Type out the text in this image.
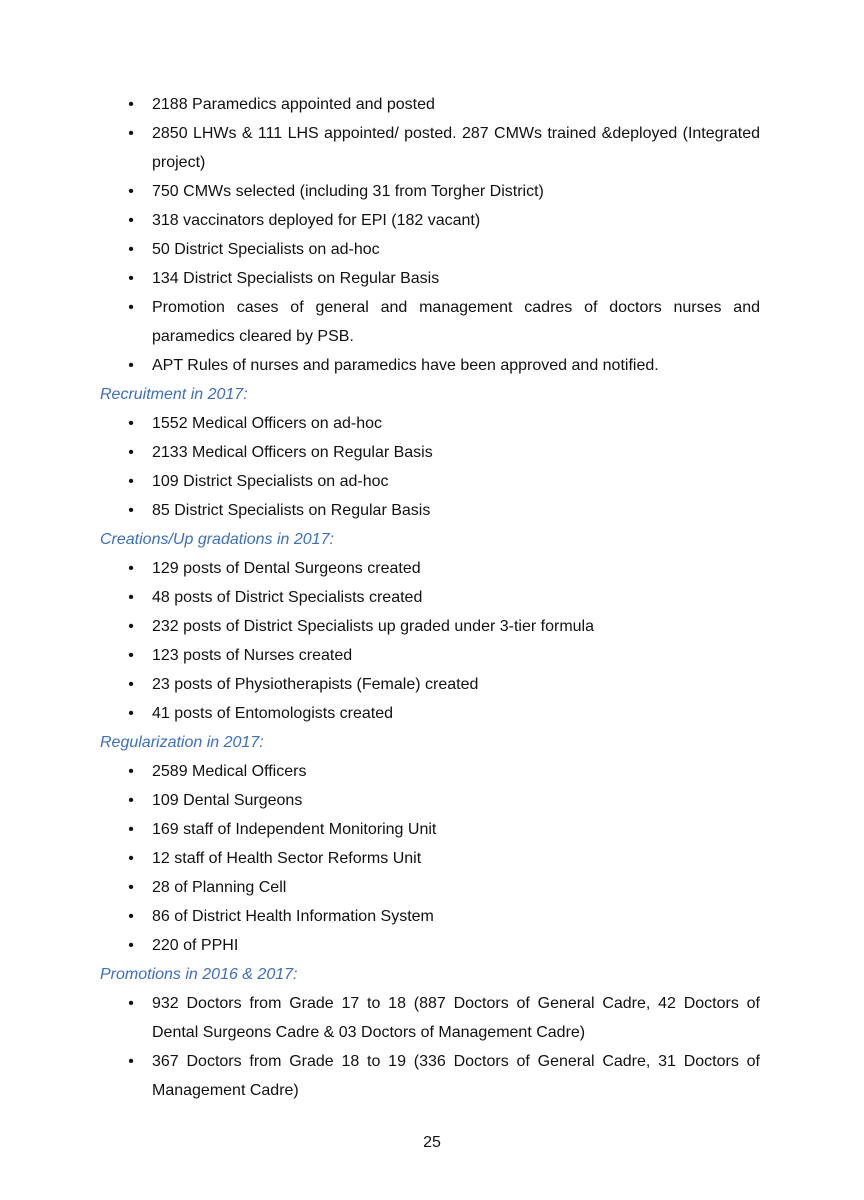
• 2188 Paramedics appointed and posted
• 2850 LHWs & 111 LHS appointed/ posted. 287 CMWs trained &deployed (Integrated project)
• 750 CMWs selected (including 31 from Torgher District)
• 318 vaccinators deployed for EPI (182 vacant)
• 50 District Specialists on ad-hoc
• 134 District Specialists on Regular Basis
• Promotion cases of general and management cadres of doctors nurses and paramedics cleared by PSB.
• APT Rules of nurses and paramedics have been approved and notified.

Recruitment in 2017:

• 1552 Medical Officers on ad-hoc
• 2133 Medical Officers on Regular Basis
• 109 District Specialists on ad-hoc
• 85 District Specialists on Regular Basis

Creations/Up gradations in 2017:

• 129 posts of Dental Surgeons created
• 48 posts of District Specialists created
• 232 posts of District Specialists up graded under 3-tier formula
• 123 posts of Nurses created
• 23 posts of Physiotherapists (Female) created
• 41 posts of Entomologists created

Regularization in 2017:

• 2589 Medical Officers
• 109 Dental Surgeons
• 169 staff of Independent Monitoring Unit
• 12 staff of Health Sector Reforms Unit
• 28 of Planning Cell
• 86 of District Health Information System
• 220 of PPHI

Promotions in 2016 & 2017:

• 932 Doctors from Grade 17 to 18 (887 Doctors of General Cadre, 42 Doctors of Dental Surgeons Cadre & 03 Doctors of Management Cadre)
• 367 Doctors from Grade 18 to 19 (336 Doctors of General Cadre, 31 Doctors of Management Cadre)
25
